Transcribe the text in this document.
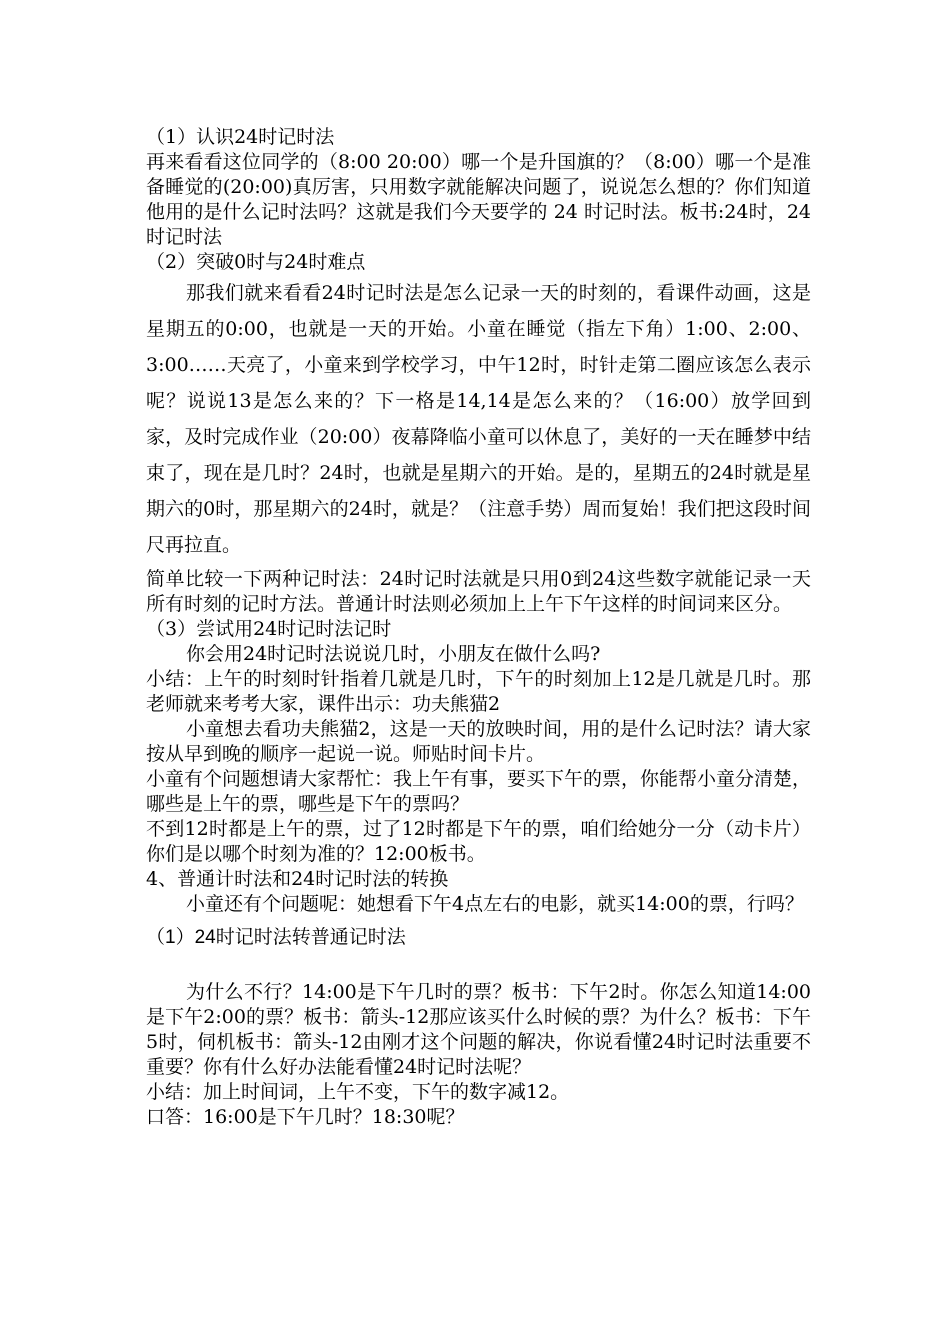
（1）认识24时记时法

再来看看这位同学的（8:00 20:00）哪一个是升国旗的？（8:00）哪一个是准备睡觉的(20:00)真厉害，只用数字就能解决问题了，说说怎么想的？你们知道他用的是什么记时法吗？这就是我们今天要学的 24 时记时法。板书:24时，24时记时法

（2）突破0时与24时难点

那我们就来看看24时记时法是怎么记录一天的时刻的，看课件动画，这是星期五的0:00，也就是一天的开始。小童在睡觉（指左下角）1:00、2:00、3:00……天亮了，小童来到学校学习，中午12时，时针走第二圈应该怎么表示呢？说说13是怎么来的？下一格是14,14是怎么来的？（16:00）放学回到家，及时完成作业（20:00）夜幕降临小童可以休息了，美好的一天在睡梦中结束了，现在是几时？24时，也就是星期六的开始。是的，星期五的24时就是星期六的0时，那星期六的24时，就是？（注意手势）周而复始！我们把这段时间尺再拉直。

简单比较一下两种记时法：24时记时法就是只用0到24这些数字就能记录一天所有时刻的记时方法。普通计时法则必须加上上午下午这样的时间词来区分。

（3）尝试用24时记时法记时

你会用24时记时法说说几时，小朋友在做什么吗?

小结：上午的时刻时针指着几就是几时，下午的时刻加上12是几就是几时。那老师就来考考大家，课件出示：功夫熊猫2

小童想去看功夫熊猫2，这是一天的放映时间，用的是什么记时法？请大家按从早到晚的顺序一起说一说。师贴时间卡片。

小童有个问题想请大家帮忙：我上午有事，要买下午的票，你能帮小童分清楚，哪些是上午的票，哪些是下午的票吗？

不到12时都是上午的票，过了12时都是下午的票，咱们给她分一分（动卡片）你们是以哪个时刻为准的？12:00板书。

4、普通计时法和24时记时法的转换

小童还有个问题呢：她想看下午4点左右的电影，就买14:00的票，行吗？

（1）24时记时法转普通记时法

为什么不行？14:00是下午几时的票？板书：下午2时。你怎么知道14:00是下午2:00的票？板书：箭头-12那应该买什么时候的票？为什么？板书：下午5时，伺机板书：箭头-12由刚才这个问题的解决，你说看懂24时记时法重要不重要？你有什么好办法能看懂24时记时法呢？

小结：加上时间词，上午不变，下午的数字减12。

口答：16:00是下午几时？18:30呢？
